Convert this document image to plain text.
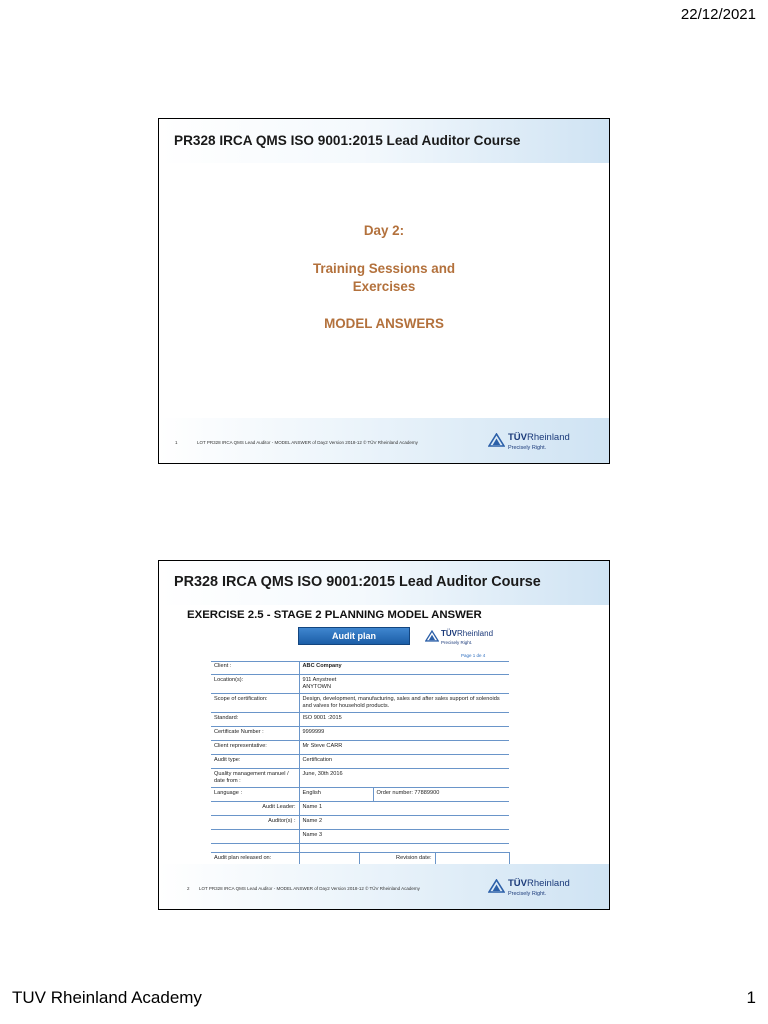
22/12/2021
PR328 IRCA QMS ISO 9001:2015 Lead Auditor Course
Day 2:
Training Sessions and
Exercises
MODEL ANSWERS
1	LOT PR328 IRCA QMS Lead Auditor - MODEL ANSWER of Day2 Version 2018-12 © TÜV Rheinland Academy	TÜVRheinland
Precisely Right.
PR328 IRCA QMS ISO 9001:2015 Lead Auditor Course
EXERCISE 2.5 - STAGE 2 PLANNING MODEL ANSWER
Audit plan	TÜVRheinland
Precisely Right.
Page 1 de 4
Client :	ABC Company			
Location(s):	911 Anystreet
ANYTOWN			

Scope of certification:	Design, development, manufacturing, sales and after sales support of solenoids and valves for household products.			
Standard:	ISO 9001 :2015			
Certificate Number :	9999999			
Client representative:	Mr Steve CARR			
Audit type:	Certification			
Quality management manuel / date from :	June, 30th 2016			
Language :	English		Order number: 77889900	
Audit Leader:	Name 1			
Auditor(s) :	Name 2			
	Name 3			

Audit plan released on:		Revision date:		
2 LOT PR328 IRCA QMS Lead Auditor - MODEL ANSWER of Day2 Version 2018-12 © TÜV Rheinland Academy	TÜVRheinland
Precisely Right.
TUV Rheinland Academy	1
